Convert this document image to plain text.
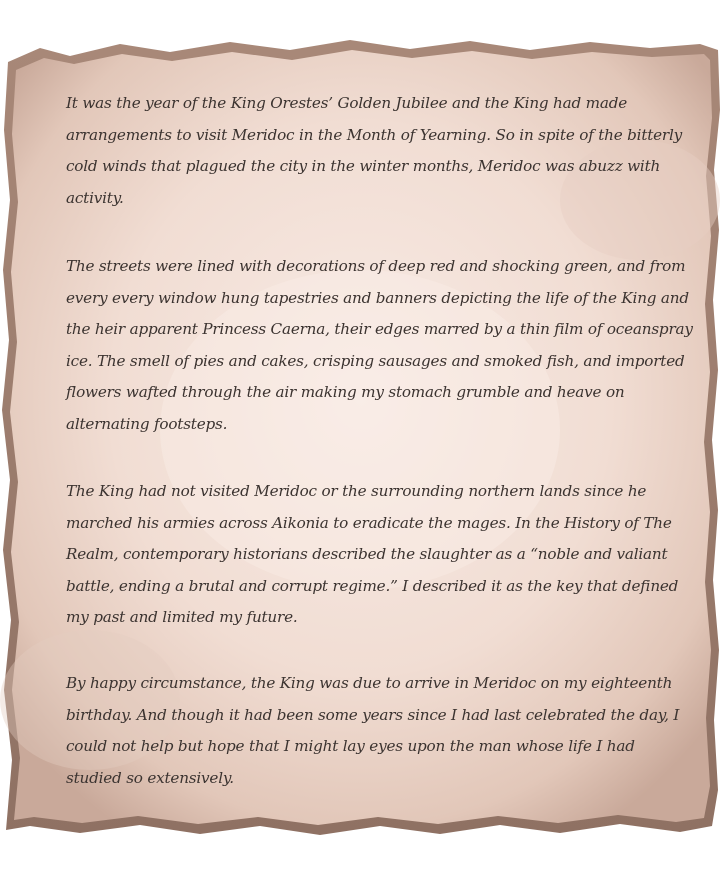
It was the year of the King Orestes’ Golden Jubilee and the King had made arrangements to visit Meridoc in the Month of Yearning. So in spite of the bitterly cold winds that plagued the city in the winter months, Meridoc was abuzz with activity.

The streets were lined with decorations of deep red and shocking green, and from every every window hung tapestries and banners depicting the life of the King and the heir apparent Princess Caerna, their edges marred by a thin film of oceanspray ice. The smell of pies and cakes, crisping sausages and smoked fish, and imported flowers wafted through the air making my stomach grumble and heave on alternating footsteps.

The King had not visited Meridoc or the surrounding northern lands since he marched his armies across Aikonia to eradicate the mages. In the History of The Realm, contemporary historians described the slaughter as a “noble and valiant battle, ending a brutal and corrupt regime.” I described it as the key that defined my past and limited my future.

By happy circumstance, the King was due to arrive in Meridoc on my eighteenth birthday. And though it had been some years since I had last celebrated the day, I could not help but hope that I might lay eyes upon the man whose life I had studied so extensively.
